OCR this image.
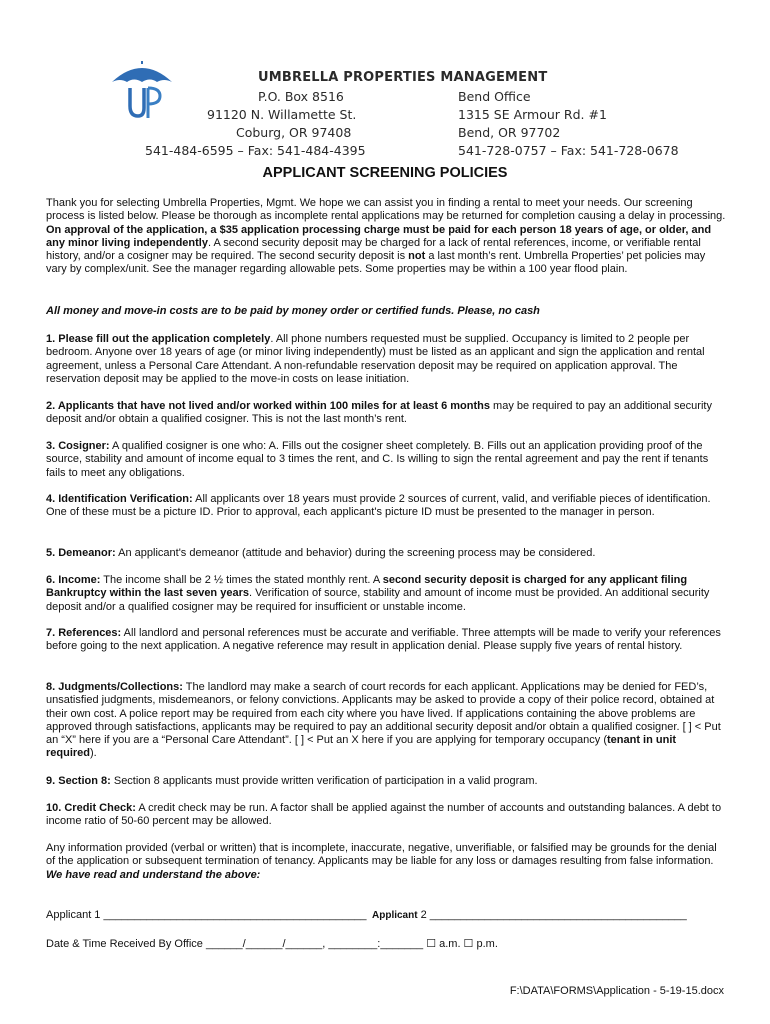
UMBRELLA PROPERTIES MANAGEMENT
P.O. Box 8516
91120 N. Willamette St.
Coburg, OR 97408
541-484-6595 – Fax: 541-484-4395
Bend Office
1315 SE Armour Rd. #1
Bend, OR 97702
541-728-0757 – Fax: 541-728-0678
APPLICANT SCREENING POLICIES
Thank you for selecting Umbrella Properties, Mgmt. We hope we can assist you in finding a rental to meet your needs. Our screening process is listed below. Please be thorough as incomplete rental applications may be returned for completion causing a delay in processing. On approval of the application, a $35 application processing charge must be paid for each person 18 years of age, or older, and any minor living independently. A second security deposit may be charged for a lack of rental references, income, or verifiable rental history, and/or a cosigner may be required. The second security deposit is not a last month’s rent. Umbrella Properties’ pet policies may vary by complex/unit. See the manager regarding allowable pets. Some properties may be within a 100 year flood plain.
All money and move-in costs are to be paid by money order or certified funds. Please, no cash
1. Please fill out the application completely. All phone numbers requested must be supplied. Occupancy is limited to 2 people per bedroom. Anyone over 18 years of age (or minor living independently) must be listed as an applicant and sign the application and rental agreement, unless a Personal Care Attendant. A non-refundable reservation deposit may be required on application approval. The reservation deposit may be applied to the move-in costs on lease initiation.
2. Applicants that have not lived and/or worked within 100 miles for at least 6 months may be required to pay an additional security deposit and/or obtain a qualified cosigner. This is not the last month’s rent.
3. Cosigner: A qualified cosigner is one who: A. Fills out the cosigner sheet completely. B. Fills out an application providing proof of the source, stability and amount of income equal to 3 times the rent, and C. Is willing to sign the rental agreement and pay the rent if tenants fails to meet any obligations.
4. Identification Verification: All applicants over 18 years must provide 2 sources of current, valid, and verifiable pieces of identification. One of these must be a picture ID. Prior to approval, each applicant's picture ID must be presented to the manager in person.
5. Demeanor: An applicant's demeanor (attitude and behavior) during the screening process may be considered.
6. Income: The income shall be 2 ½ times the stated monthly rent. A second security deposit is charged for any applicant filing Bankruptcy within the last seven years. Verification of source, stability and amount of income must be provided. An additional security deposit and/or a qualified cosigner may be required for insufficient or unstable income.
7. References: All landlord and personal references must be accurate and verifiable. Three attempts will be made to verify your references before going to the next application. A negative reference may result in application denial. Please supply five years of rental history.
8. Judgments/Collections: The landlord may make a search of court records for each applicant. Applications may be denied for FED’s, unsatisfied judgments, misdemeanors, or felony convictions. Applicants may be asked to provide a copy of their police record, obtained at their own cost. A police report may be required from each city where you have lived. If applications containing the above problems are approved through satisfactions, applicants may be required to pay an additional security deposit and/or obtain a qualified cosigner. [ ] < Put an “X” here if you are a “Personal Care Attendant”. [ ] < Put an X here if you are applying for temporary occupancy (tenant in unit required).
9. Section 8: Section 8 applicants must provide written verification of participation in a valid program.
10. Credit Check: A credit check may be run. A factor shall be applied against the number of accounts and outstanding balances. A debt to income ratio of 50-60 percent may be allowed.
Any information provided (verbal or written) that is incomplete, inaccurate, negative, unverifiable, or falsified may be grounds for the denial of the application or subsequent termination of tenancy. Applicants may be liable for any loss or damages resulting from false information. We have read and understand the above:
Applicant 1 ___________________________________________ Applicant 2 __________________________________________
Date & Time Received By Office ______/______/______, ________:_______ ☐ a.m. ☐ p.m.
F:\DATA\FORMS\Application - 5-19-15.docx
